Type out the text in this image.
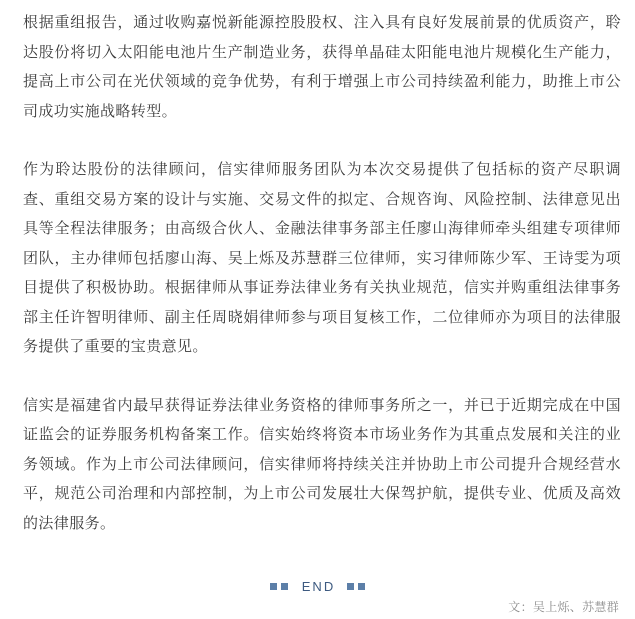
根据重组报告，通过收购嘉悦新能源控股股权、注入具有良好发展前景的优质资产，聆达股份将切入太阳能电池片生产制造业务，获得单晶硅太阳能电池片规模化生产能力，提高上市公司在光伏领域的竞争优势，有利于增强上市公司持续盈利能力，助推上市公司成功实施战略转型。

作为聆达股份的法律顾问，信实律师服务团队为本次交易提供了包括标的资产尽职调查、重组交易方案的设计与实施、交易文件的拟定、合规咨询、风险控制、法律意见出具等全程法律服务；由高级合伙人、金融法律事务部主任廖山海律师牵头组建专项律师团队，主办律师包括廖山海、吴上烁及苏慧群三位律师，实习律师陈少军、王诗雯为项目提供了积极协助。根据律师从事证券法律业务有关执业规范，信实并购重组法律事务部主任许智明律师、副主任周晓娟律师参与项目复核工作，二位律师亦为项目的法律服务提供了重要的宝贵意见。

信实是福建省内最早获得证券法律业务资格的律师事务所之一，并已于近期完成在中国证监会的证券服务机构备案工作。信实始终将资本市场业务作为其重点发展和关注的业务领域。作为上市公司法律顾问，信实律师将持续关注并协助上市公司提升合规经营水平，规范公司治理和内部控制，为上市公司发展壮大保驾护航，提供专业、优质及高效的法律服务。

END
文：吴上烁、苏慧群
